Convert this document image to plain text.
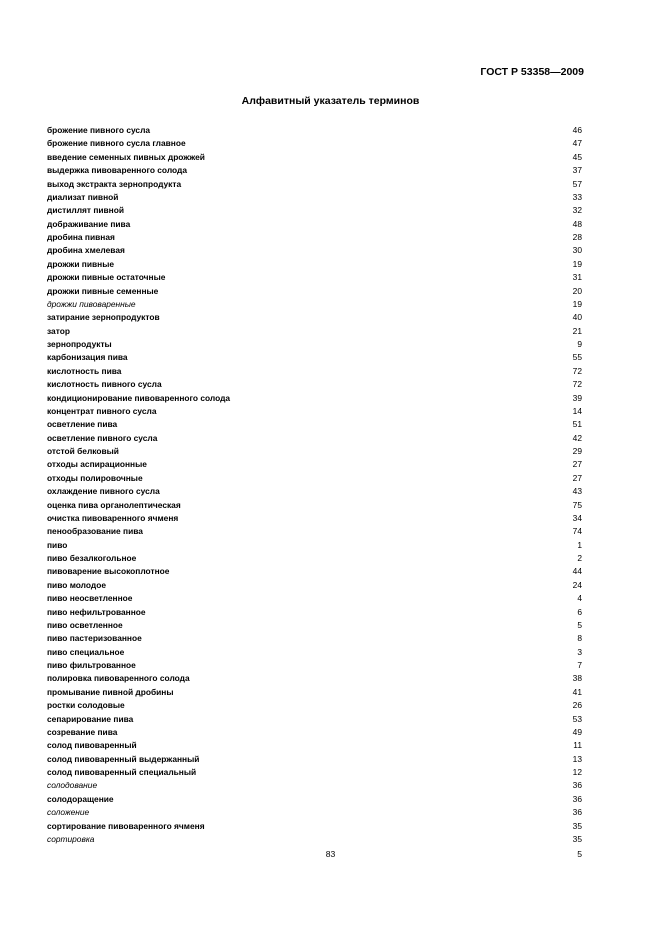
ГОСТ Р 53358—2009
Алфавитный указатель терминов
брожение пивного сусла	46
брожение пивного сусла главное	47
введение семенных пивных дрожжей	45
выдержка пивоваренного солода	37
выход экстракта зернопродукта	57
диализат пивной	33
дистиллят пивной	32
дображивание пива	48
дробина пивная	28
дробина хмелевая	30
дрожжи пивные	19
дрожжи пивные остаточные	31
дрожжи пивные семенные	20
дрожжи пивоваренные	19
затирание зернопродуктов	40
затор	21
зернопродукты	9
карбонизация пива	55
кислотность пива	72
кислотность пивного сусла	72
кондиционирование пивоваренного солода	39
концентрат пивного сусла	14
осветление пива	51
осветление пивного сусла	42
отстой белковый	29
отходы аспирационные	27
отходы полировочные	27
охлаждение пивного сусла	43
оценка пива органолептическая	75
очистка пивоваренного ячменя	34
пенообразование пива	74
пиво	1
пиво безалкогольное	2
пивоварение высокоплотное	44
пиво молодое	24
пиво неосветленное	4
пиво нефильтрованное	6
пиво осветленное	5
пиво пастеризованное	8
пиво специальное	3
пиво фильтрованное	7
полировка пивоваренного солода	38
промывание пивной дробины	41
ростки солодовые	26
сепарирование пива	53
созревание пива	49
солод пивоваренный	11
солод пивоваренный выдержанный	13
солод пивоваренный специальный	12
солодование	36
солодоращение	36
соложение	36
сортирование пивоваренного ячменя	35
сортировка	35
83	5
